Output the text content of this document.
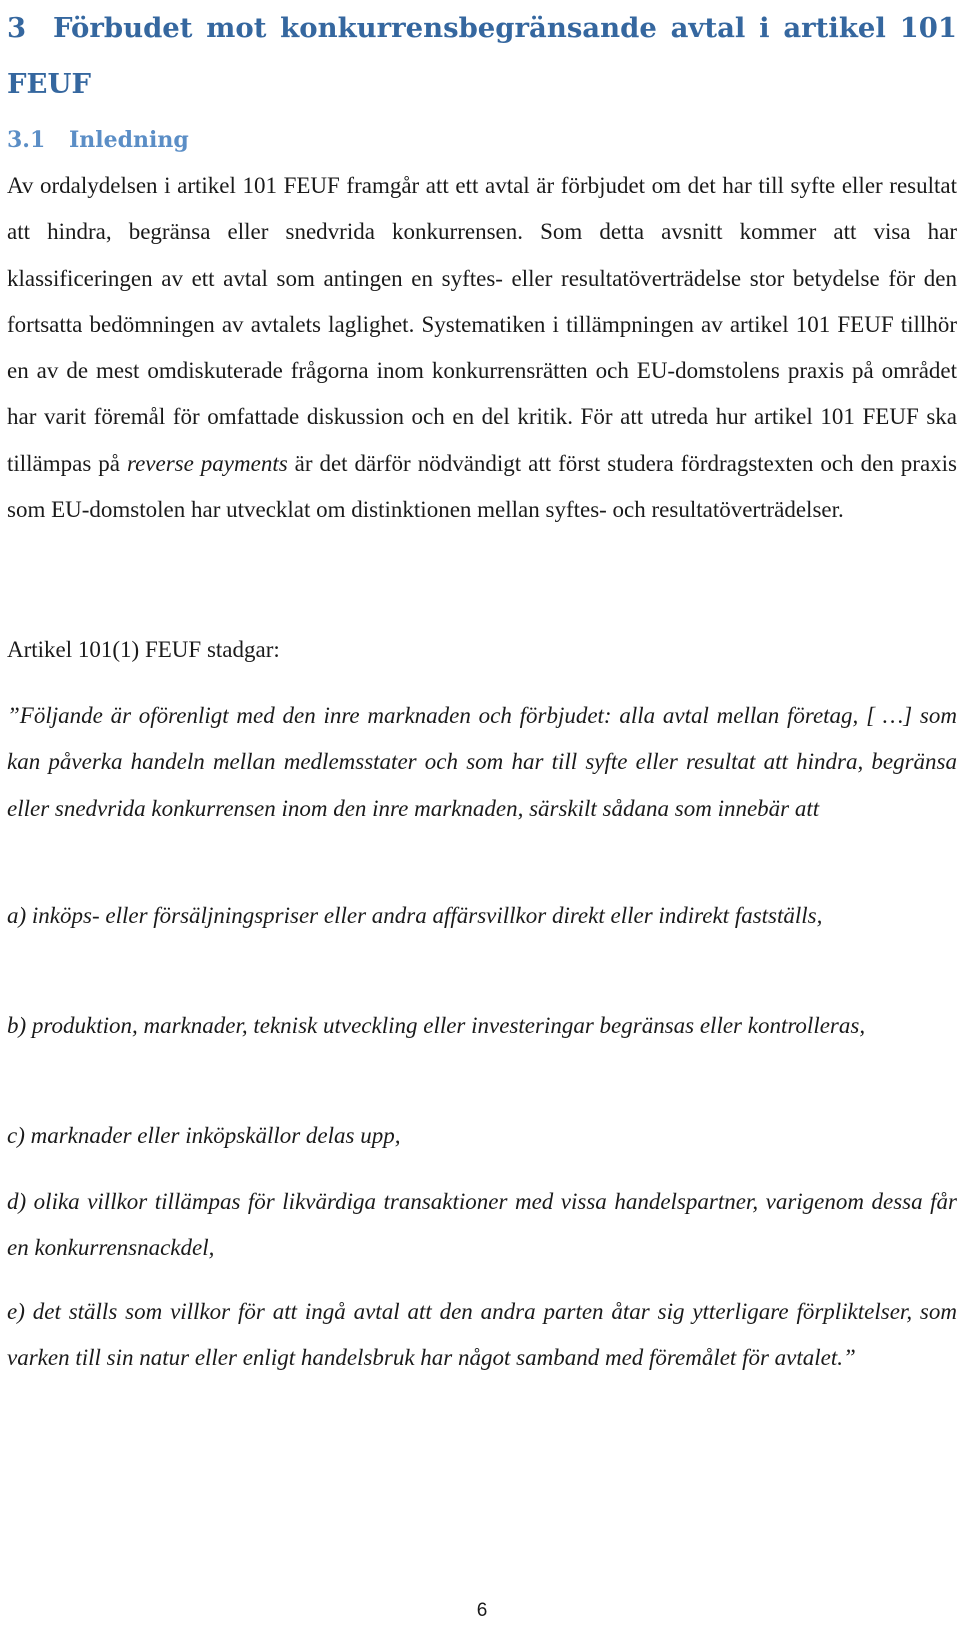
3 Förbudet mot konkurrensbegränsande avtal i artikel 101 FEUF
3.1 Inledning

Av ordalydelsen i artikel 101 FEUF framgår att ett avtal är förbjudet om det har till syfte eller resultat att hindra, begränsa eller snedvrida konkurrensen. Som detta avsnitt kommer att visa har klassificeringen av ett avtal som antingen en syftes- eller resultatöverträdelse stor betydelse för den fortsatta bedömningen av avtalets laglighet. Systematiken i tillämpningen av artikel 101 FEUF tillhör en av de mest omdiskuterade frågorna inom konkurrensrätten och EU-domstolens praxis på området har varit föremål för omfattade diskussion och en del kritik. För att utreda hur artikel 101 FEUF ska tillämpas på reverse payments är det därför nödvändigt att först studera fördragstexten och den praxis som EU-domstolen har utvecklat om distinktionen mellan syftes- och resultatöverträdelser.

Artikel 101(1) FEUF stadgar:

”Följande är oförenligt med den inre marknaden och förbjudet: alla avtal mellan företag, [ …] som kan påverka handeln mellan medlemsstater och som har till syfte eller resultat att hindra, begränsa eller snedvrida konkurrensen inom den inre marknaden, särskilt sådana som innebär att

a) inköps- eller försäljningspriser eller andra affärsvillkor direkt eller indirekt fastställs,

b) produktion, marknader, teknisk utveckling eller investeringar begränsas eller kontrolleras,

c) marknader eller inköpskällor delas upp,

d) olika villkor tillämpas för likvärdiga transaktioner med vissa handelspartner, varigenom dessa får en konkurrensnackdel,

e) det ställs som villkor för att ingå avtal att den andra parten åtar sig ytterligare förpliktelser, som varken till sin natur eller enligt handelsbruk har något samband med föremålet för avtalet.”

6
